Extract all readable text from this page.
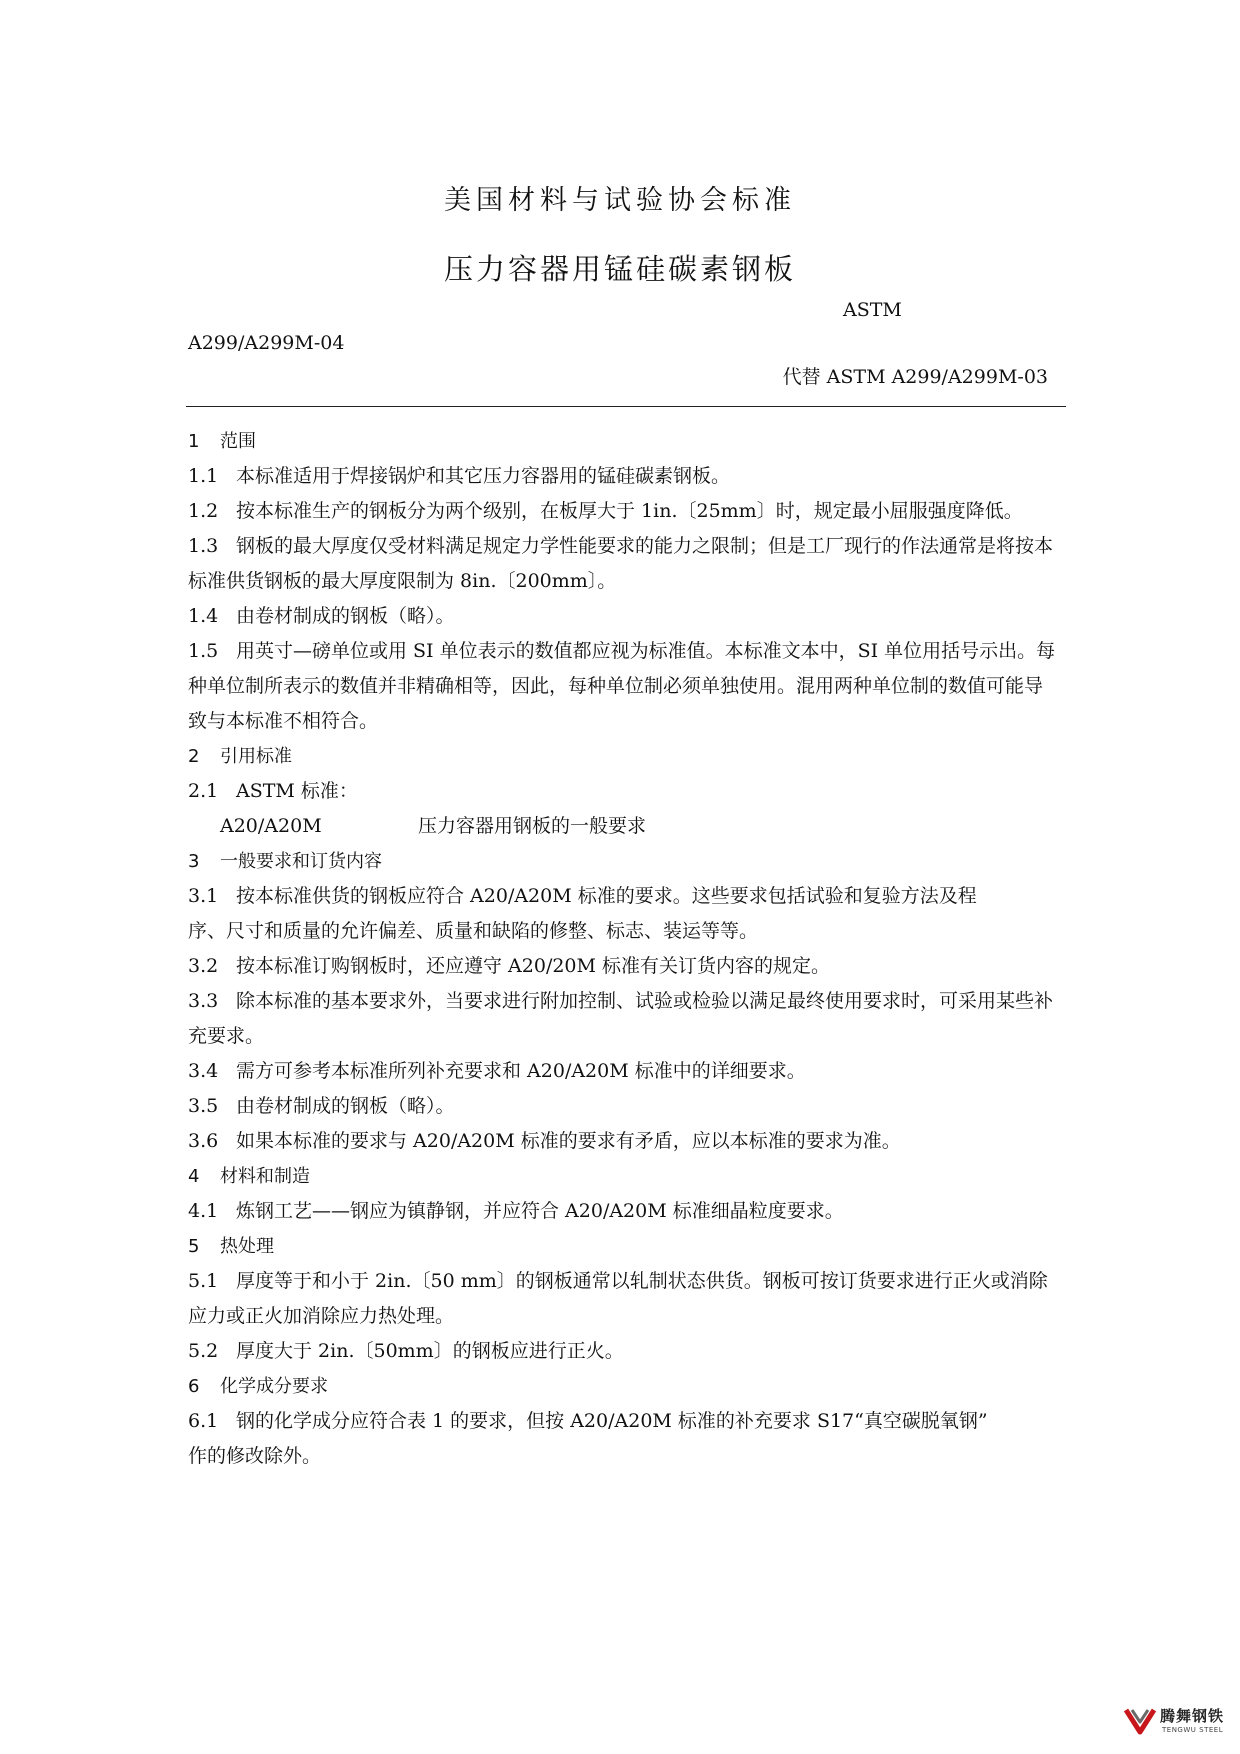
美国材料与试验协会标准
压力容器用锰硅碳素钢板
ASTM
A299/A299M-04
代替 ASTM A299/A299M-03
1 范围
1.1 本标准适用于焊接锅炉和其它压力容器用的锰硅碳素钢板。
1.2 按本标准生产的钢板分为两个级别，在板厚大于 1in.〔25mm〕时，规定最小屈服强度降低。
1.3 钢板的最大厚度仅受材料满足规定力学性能要求的能力之限制；但是工厂现行的作法通常是将按本标准供货钢板的最大厚度限制为 8in.〔200mm〕。
1.4 由卷材制成的钢板（略）。
1.5 用英寸—磅单位或用 SI 单位表示的数值都应视为标准值。本标准文本中，SI 单位用括号示出。每种单位制所表示的数值并非精确相等，因此，每种单位制必须单独使用。混用两种单位制的数值可能导致与本标准不相符合。
2 引用标准
2.1 ASTM 标准：
A20/A20M	压力容器用钢板的一般要求
3 一般要求和订货内容
3.1 按本标准供货的钢板应符合 A20/A20M 标准的要求。这些要求包括试验和复验方法及程
序、尺寸和质量的允许偏差、质量和缺陷的修整、标志、装运等等。
3.2 按本标准订购钢板时，还应遵守 A20/20M 标准有关订货内容的规定。
3.3 除本标准的基本要求外，当要求进行附加控制、试验或检验以满足最终使用要求时，可采用某些补充要求。
3.4 需方可参考本标准所列补充要求和 A20/A20M 标准中的详细要求。
3.5 由卷材制成的钢板（略）。
3.6 如果本标准的要求与 A20/A20M 标准的要求有矛盾，应以本标准的要求为准。
4 材料和制造
4.1 炼钢工艺——钢应为镇静钢，并应符合 A20/A20M 标准细晶粒度要求。
5 热处理
5.1 厚度等于和小于 2in.〔50 mm〕的钢板通常以轧制状态供货。钢板可按订货要求进行正火或消除应力或正火加消除应力热处理。
5.2 厚度大于 2in.〔50mm〕的钢板应进行正火。
6 化学成分要求
6.1 钢的化学成分应符合表 1 的要求，但按 A20/A20M 标准的补充要求 S17“真空碳脱氧钢”
作的修改除外。
腾舞钢铁
TENGWU STEEL
